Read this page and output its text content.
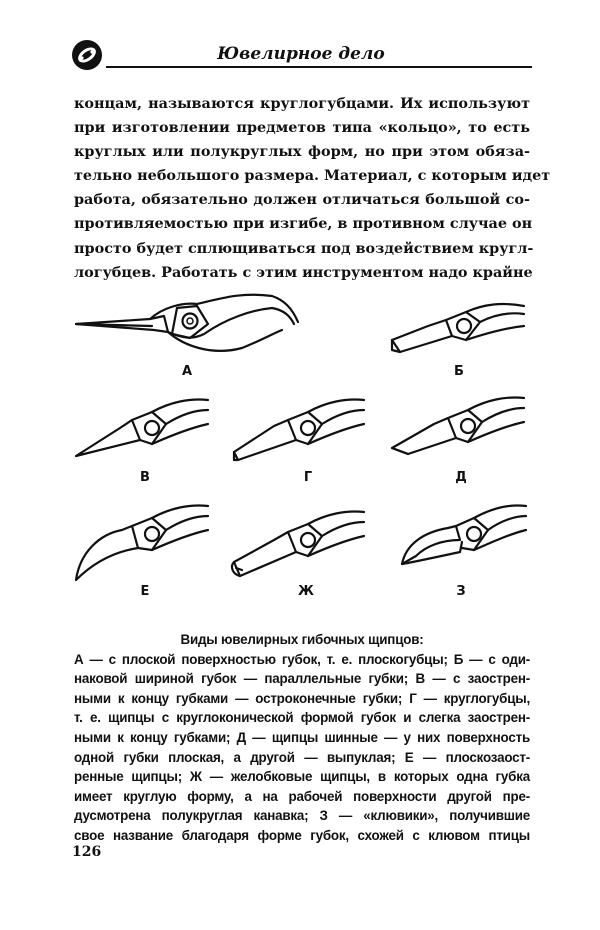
Ювелирное дело
концам, называются круглогубцами. Их используют
при изготовлении предметов типа «кольцо», то есть
круглых или полукруглых форм, но при этом обяза-
тельно небольшого размера. Материал, с которым идет
работа, обязательно должен отличаться большой со-
противляемостью при изгибе, в противном случае он
просто будет сплющиваться под воздействием кругл-
логубцев. Работать с этим инструментом надо крайне
А	Б
В	Г	Д
Е	Ж	З
Виды ювелирных гибочных щипцов:
А — с плоской поверхностью губок, т. е. плоскогубцы; Б — с оди-
наковой шириной губок — параллельные губки; В — с заострен-
ными к концу губками — остроконечные губки; Г — круглогубцы,
т. е. щипцы с круглоконической формой губок и слегка заострен-
ными к концу губками; Д — щипцы шинные — у них поверхность
одной губки плоская, а другой — выпуклая; Е — плоскозаост-
ренные щипцы; Ж — желобковые щипцы, в которых одна губка
имеет круглую форму, а на рабочей поверхности другой пре-
дусмотрена полукруглая канавка; З — «клювики», получившие
свое название благодаря форме губок, схожей с клювом птицы
126
